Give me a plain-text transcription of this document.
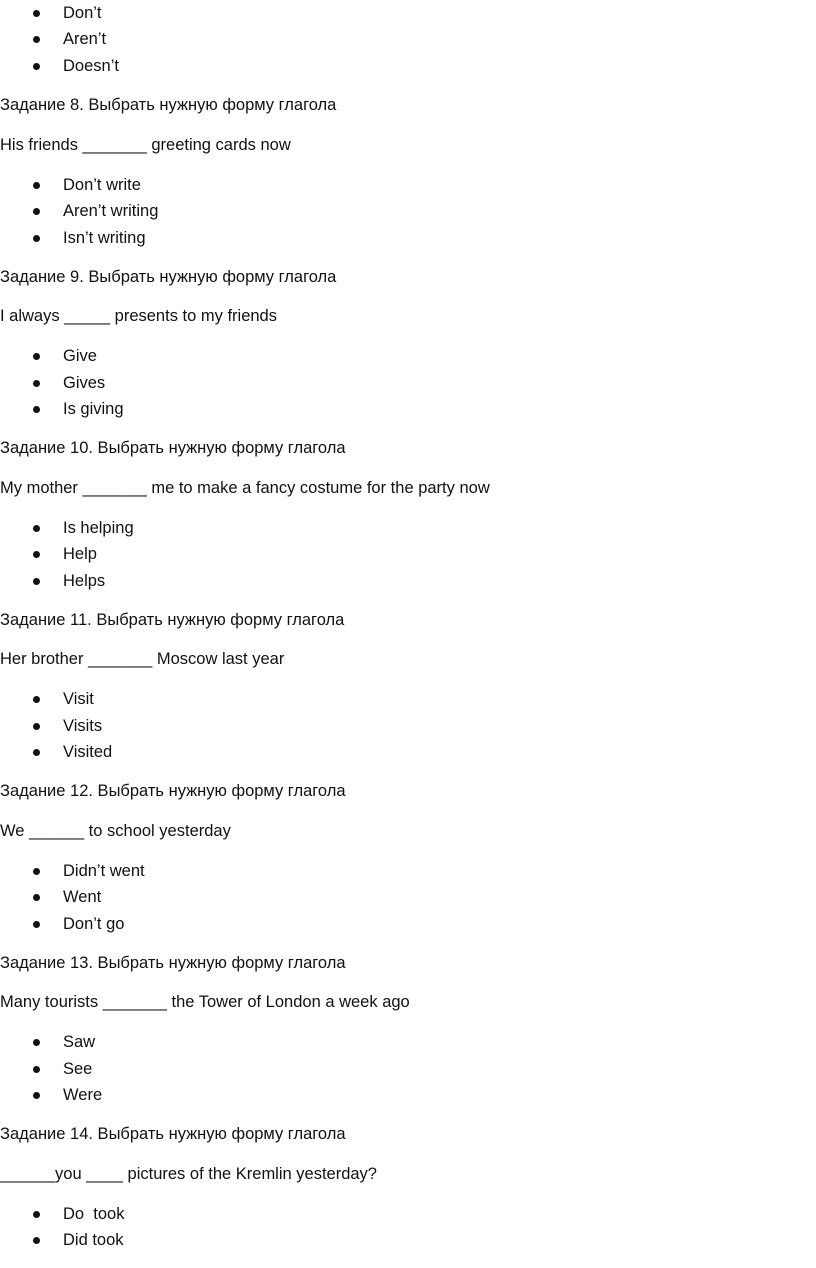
Don’t
Aren’t
Doesn’t
Задание 8. Выбрать нужную форму глагола
His friends _______ greeting cards now
Don’t write
Aren’t writing
Isn’t writing
Задание 9. Выбрать нужную форму глагола
I always _____ presents to my friends
Give
Gives
Is giving
Задание 10. Выбрать нужную форму глагола
My mother _______ me to make a fancy costume for the party now
Is helping
Help
Helps
Задание 11. Выбрать нужную форму глагола
Her brother _______ Moscow last year
Visit
Visits
Visited
Задание 12. Выбрать нужную форму глагола
We ______ to school yesterday
Didn’t went
Went
Don’t go
Задание 13. Выбрать нужную форму глагола
Many tourists _______ the Tower of London a week ago
Saw
See
Were
Задание 14. Выбрать нужную форму глагола
______you ____ pictures of the Kremlin yesterday?
Do  took
Did took
